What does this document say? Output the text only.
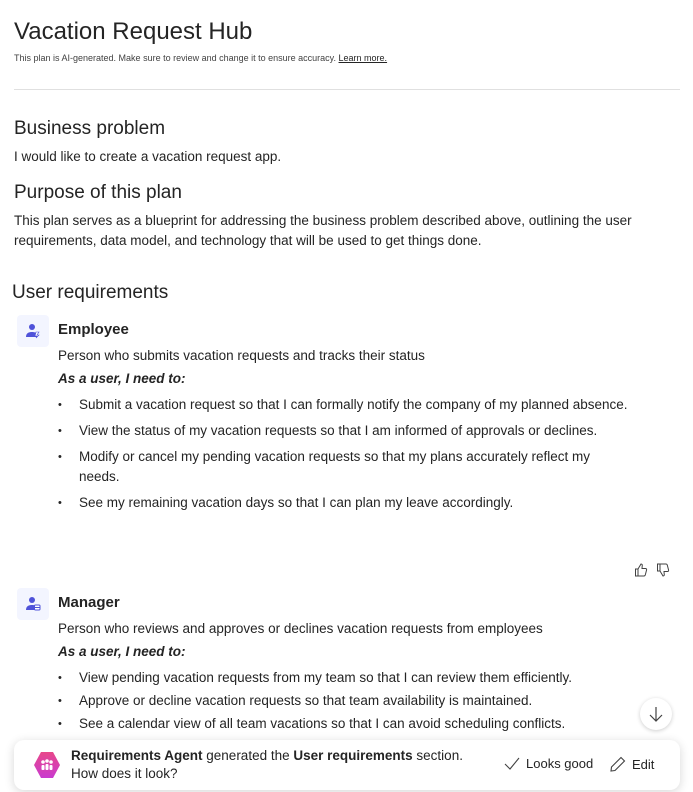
Vacation Request Hub
This plan is AI-generated. Make sure to review and change it to ensure accuracy. Learn more.
Business problem

I would like to create a vacation request app.

Purpose of this plan

This plan serves as a blueprint for addressing the business problem described above, outlining the user requirements, data model, and technology that will be used to get things done.

User requirements
Employee
Person who submits vacation requests and tracks their status
As a user, I need to:
• Submit a vacation request so that I can formally notify the company of my planned absence.
• View the status of my vacation requests so that I am informed of approvals or declines.
• Modify or cancel my pending vacation requests so that my plans accurately reflect my needs.
• See my remaining vacation days so that I can plan my leave accordingly.
Manager
Person who reviews and approves or declines vacation requests from employees
As a user, I need to:
• View pending vacation requests from my team so that I can review them efficiently.
• Approve or decline vacation requests so that team availability is maintained.
• See a calendar view of all team vacations so that I can avoid scheduling conflicts.
Requirements Agent generated the User requirements section.
How does it look?
Looks good	Edit
